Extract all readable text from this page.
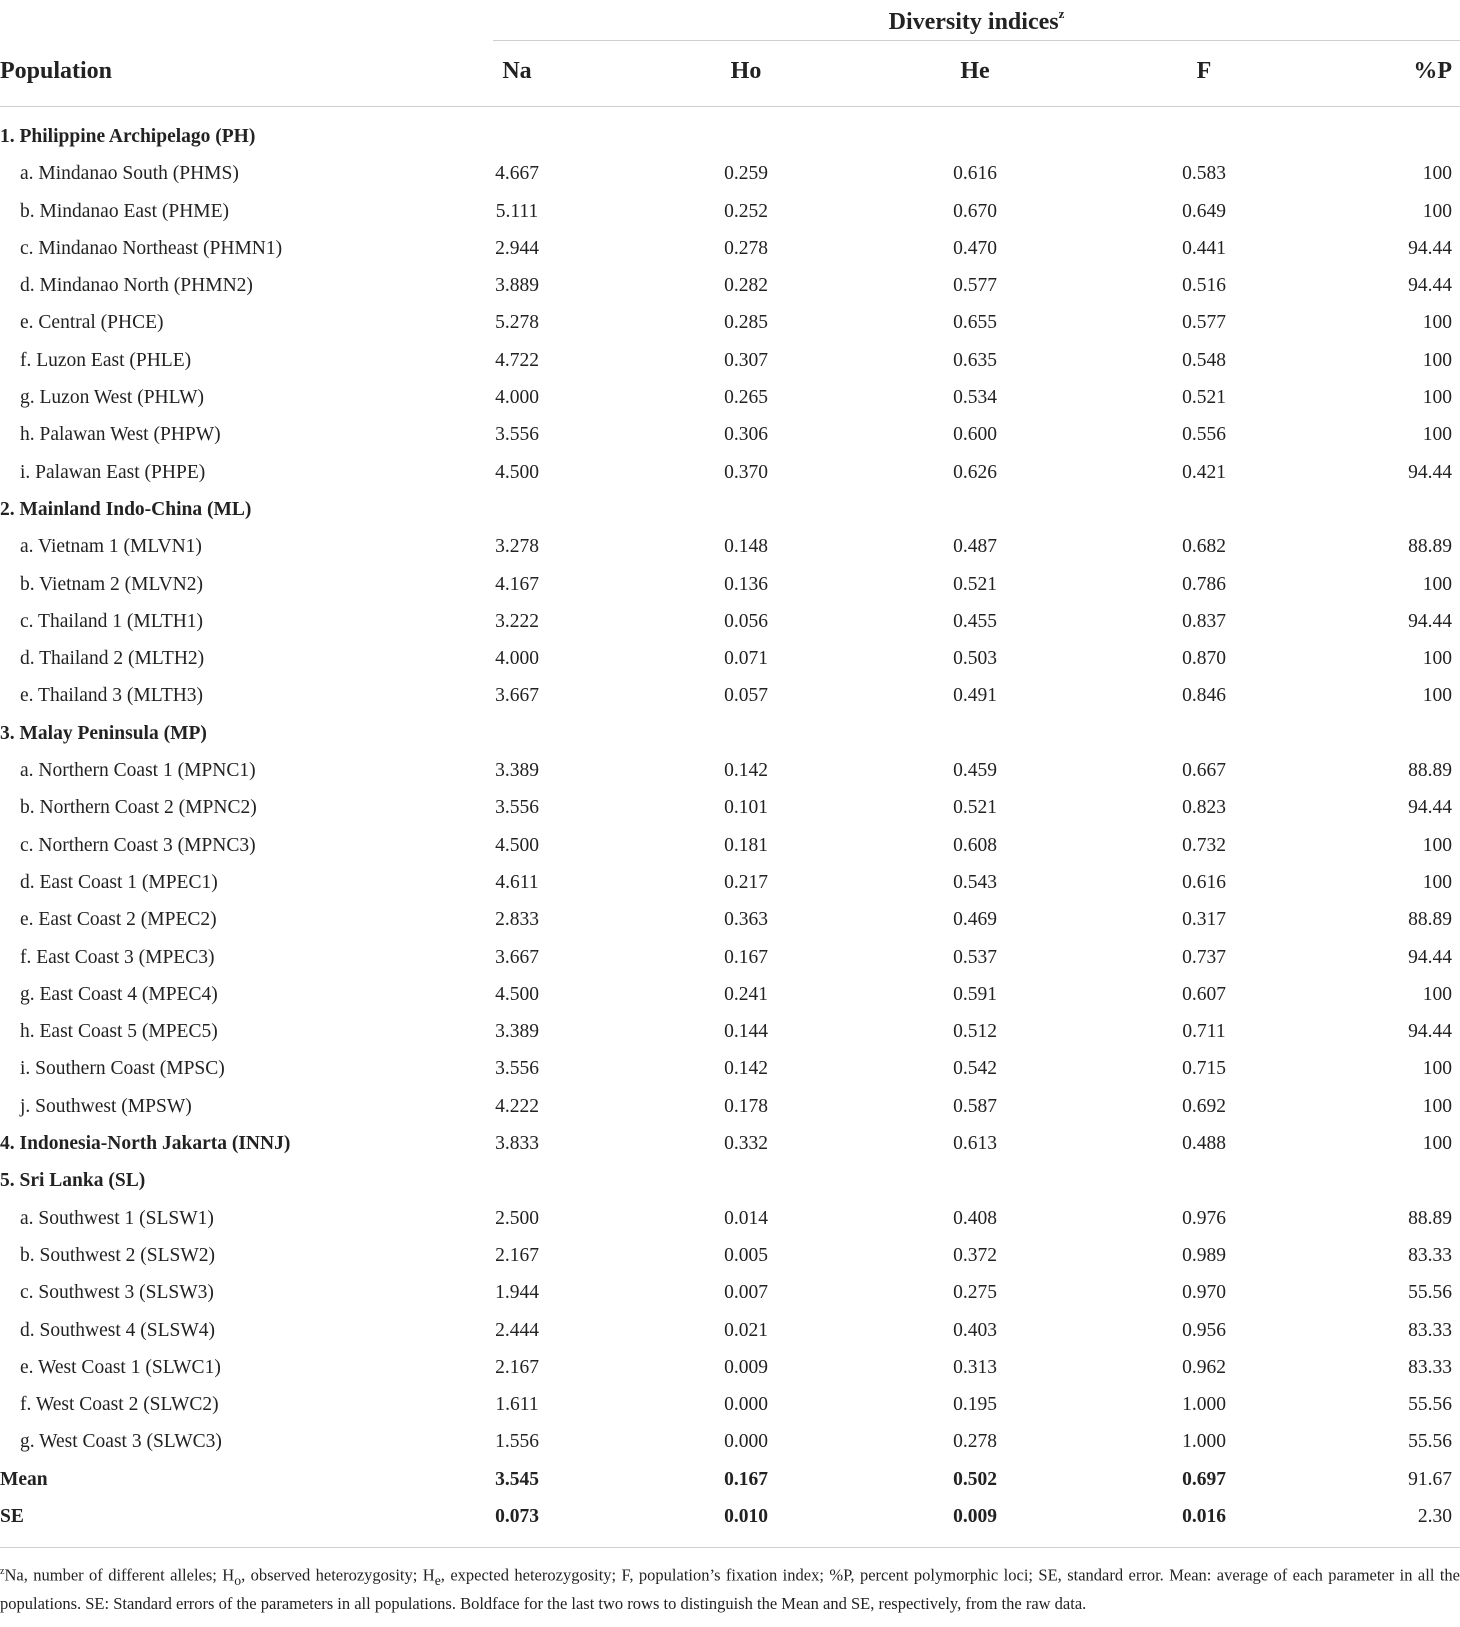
Diversity indices$^z$
Population	Na	Ho	He	F	%P
1. Philippine Archipelago (PH)
a. Mindanao South (PHMS)	4.667	0.259	0.616	0.583	100
b. Mindanao East (PHME)	5.111	0.252	0.670	0.649	100
c. Mindanao Northeast (PHMN1)	2.944	0.278	0.470	0.441	94.44
d. Mindanao North (PHMN2)	3.889	0.282	0.577	0.516	94.44
e. Central (PHCE)	5.278	0.285	0.655	0.577	100
f. Luzon East (PHLE)	4.722	0.307	0.635	0.548	100
g. Luzon West (PHLW)	4.000	0.265	0.534	0.521	100
h. Palawan West (PHPW)	3.556	0.306	0.600	0.556	100
i. Palawan East (PHPE)	4.500	0.370	0.626	0.421	94.44
2. Mainland Indo-China (ML)
a. Vietnam 1 (MLVN1)	3.278	0.148	0.487	0.682	88.89
b. Vietnam 2 (MLVN2)	4.167	0.136	0.521	0.786	100
c. Thailand 1 (MLTH1)	3.222	0.056	0.455	0.837	94.44
d. Thailand 2 (MLTH2)	4.000	0.071	0.503	0.870	100
e. Thailand 3 (MLTH3)	3.667	0.057	0.491	0.846	100
3. Malay Peninsula (MP)
a. Northern Coast 1 (MPNC1)	3.389	0.142	0.459	0.667	88.89
b. Northern Coast 2 (MPNC2)	3.556	0.101	0.521	0.823	94.44
c. Northern Coast 3 (MPNC3)	4.500	0.181	0.608	0.732	100
d. East Coast 1 (MPEC1)	4.611	0.217	0.543	0.616	100
e. East Coast 2 (MPEC2)	2.833	0.363	0.469	0.317	88.89
f. East Coast 3 (MPEC3)	3.667	0.167	0.537	0.737	94.44
g. East Coast 4 (MPEC4)	4.500	0.241	0.591	0.607	100
h. East Coast 5 (MPEC5)	3.389	0.144	0.512	0.711	94.44
i. Southern Coast (MPSC)	3.556	0.142	0.542	0.715	100
j. Southwest (MPSW)	4.222	0.178	0.587	0.692	100
4. Indonesia-North Jakarta (INNJ)	3.833	0.332	0.613	0.488	100
5. Sri Lanka (SL)
a. Southwest 1 (SLSW1)	2.500	0.014	0.408	0.976	88.89
b. Southwest 2 (SLSW2)	2.167	0.005	0.372	0.989	83.33
c. Southwest 3 (SLSW3)	1.944	0.007	0.275	0.970	55.56
d. Southwest 4 (SLSW4)	2.444	0.021	0.403	0.956	83.33
e. West Coast 1 (SLWC1)	2.167	0.009	0.313	0.962	83.33
f. West Coast 2 (SLWC2)	1.611	0.000	0.195	1.000	55.56
g. West Coast 3 (SLWC3)	1.556	0.000	0.278	1.000	55.56
Mean	3.545	0.167	0.502	0.697	91.67
SE	0.073	0.010	0.009	0.016	2.30
$^z$Na, number of different alleles; $H_o$, observed heterozygosity; $H_e$, expected heterozygosity; F, population’s fixation index; %P, percent polymorphic loci; SE, standard error. Mean: average of each parameter in all the populations. SE: Standard errors of the parameters in all populations. Boldface for the last two rows to distinguish the Mean and SE, respectively, from the raw data.
